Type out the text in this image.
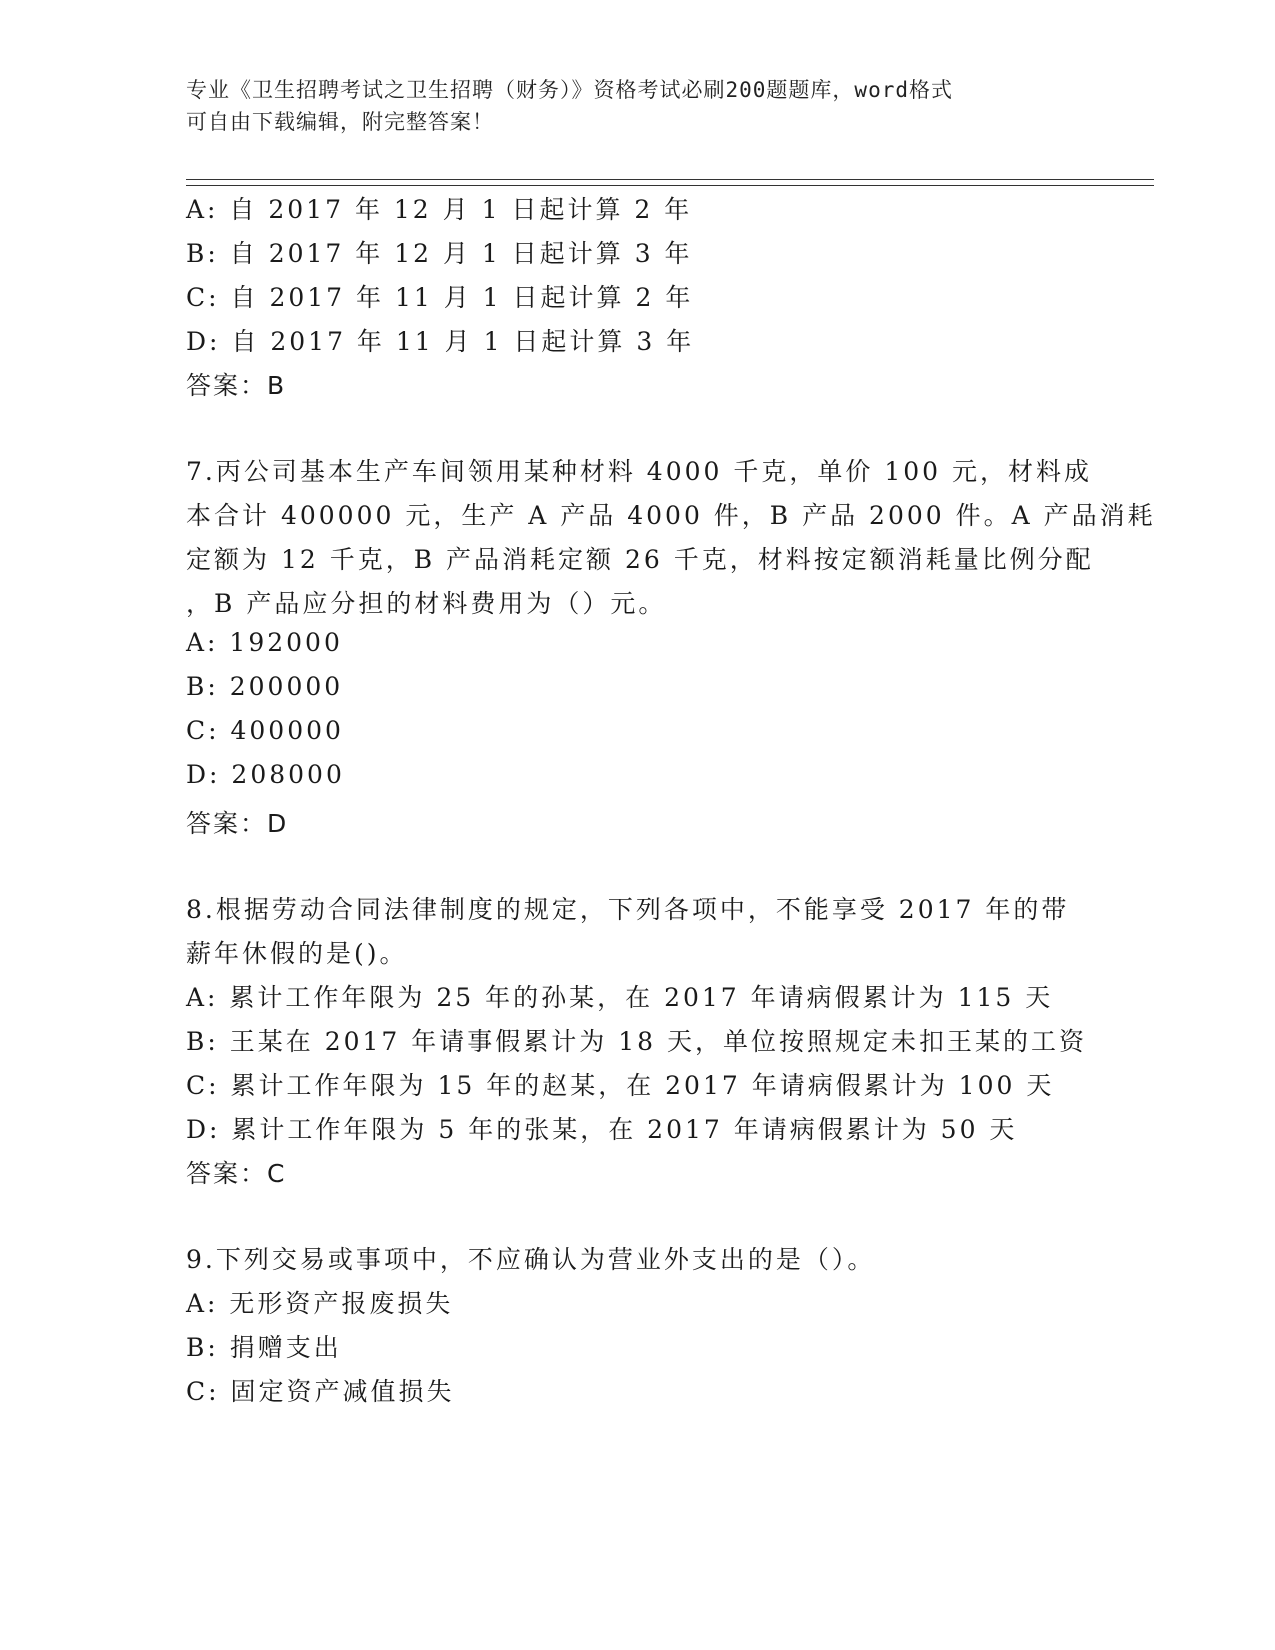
专业《卫生招聘考试之卫生招聘（财务）》资格考试必刷200题题库，word格式
可自由下载编辑，附完整答案！
A: 自 2017 年 12 月 1 日起计算 2 年
B: 自 2017 年 12 月 1 日起计算 3 年
C: 自 2017 年 11 月 1 日起计算 2 年
D: 自 2017 年 11 月 1 日起计算 3 年
答案：B
7.丙公司基本生产车间领用某种材料 4000 千克，单价 100 元，材料成
本合计 400000 元，生产 A 产品 4000 件，B 产品 2000 件。A 产品消耗
定额为 12 千克，B 产品消耗定额 26 千克，材料按定额消耗量比例分配
，B 产品应分担的材料费用为（）元。
A: 192000
B: 200000
C: 400000
D: 208000
答案：D
8.根据劳动合同法律制度的规定，下列各项中，不能享受 2017 年的带
薪年休假的是()。
A: 累计工作年限为 25 年的孙某，在 2017 年请病假累计为 115 天
B: 王某在 2017 年请事假累计为 18 天，单位按照规定未扣王某的工资
C: 累计工作年限为 15 年的赵某，在 2017 年请病假累计为 100 天
D: 累计工作年限为 5 年的张某，在 2017 年请病假累计为 50 天
答案：C
9.下列交易或事项中，不应确认为营业外支出的是（）。
A: 无形资产报废损失
B: 捐赠支出
C: 固定资产减值损失
